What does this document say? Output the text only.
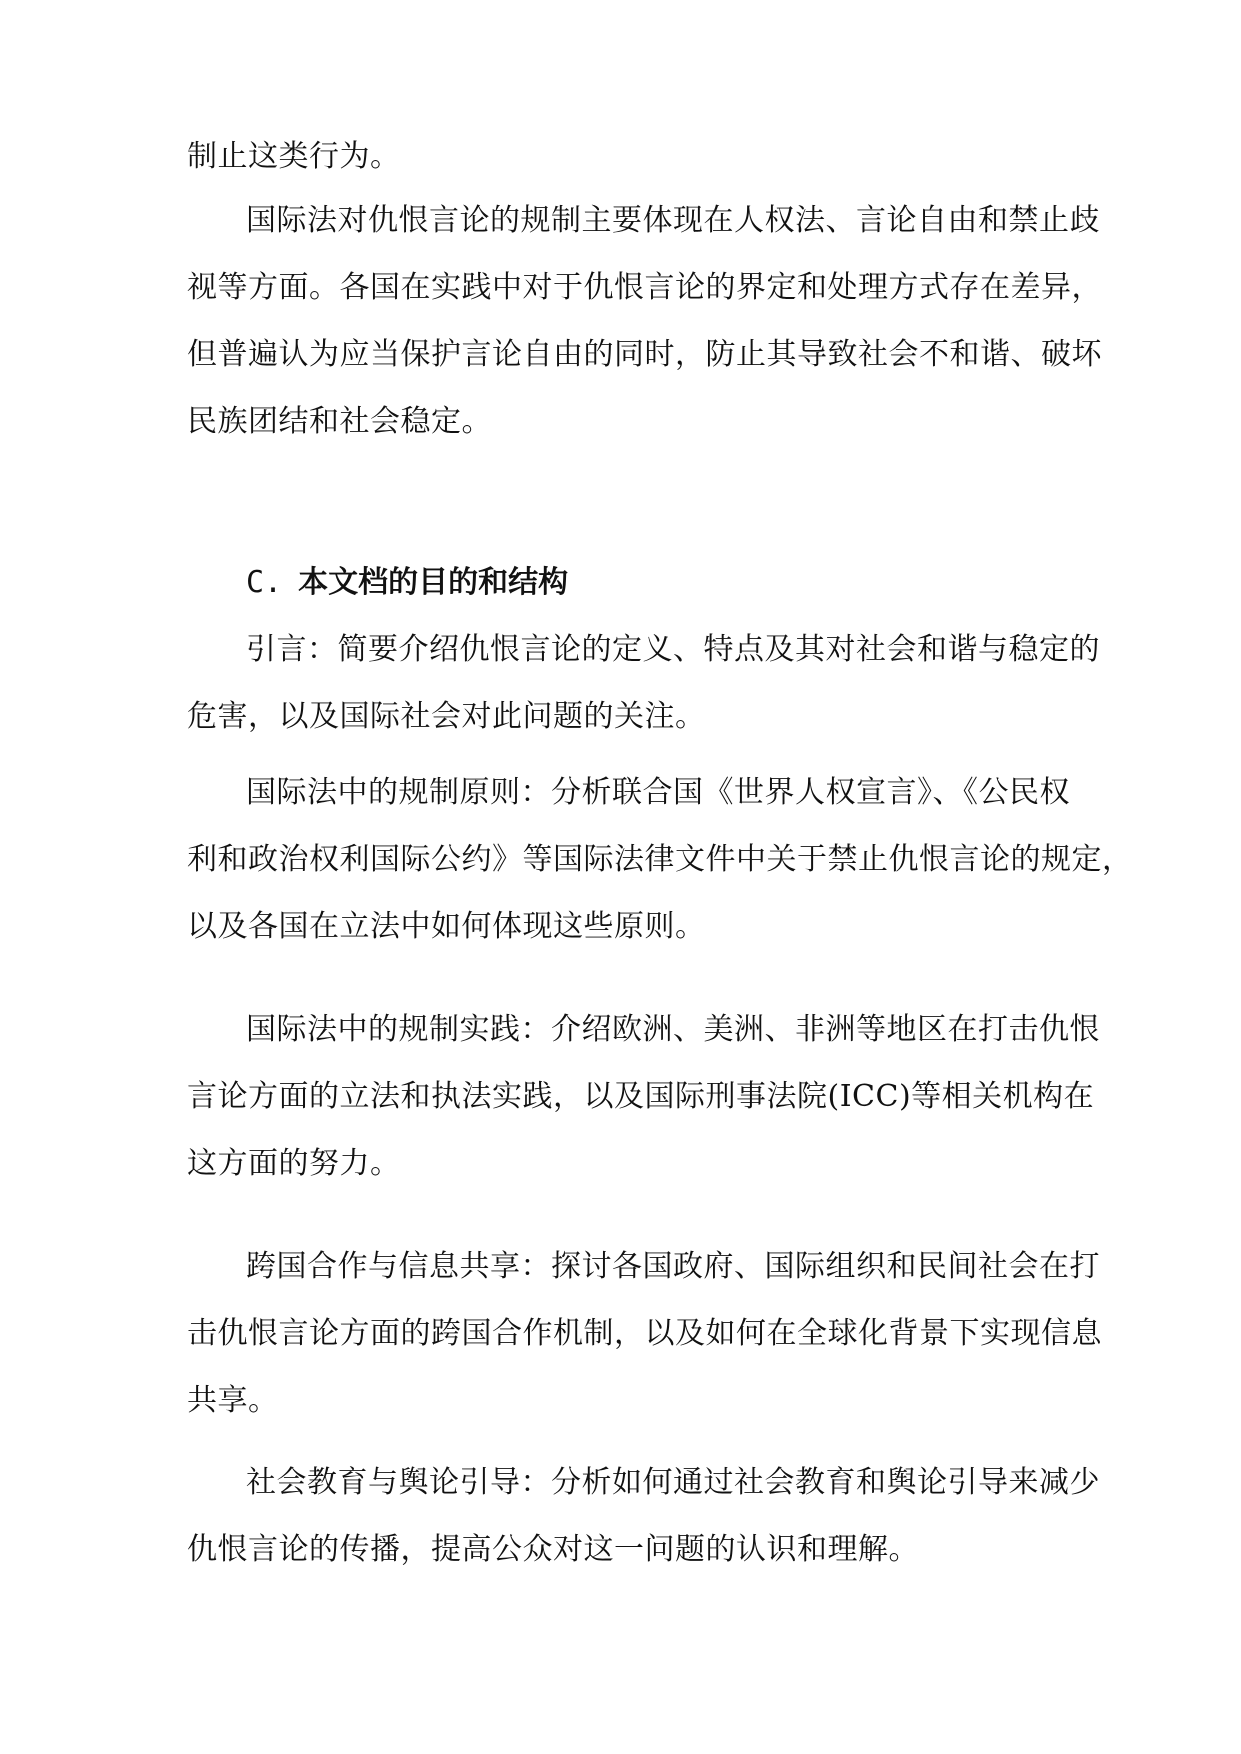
制止这类行为。
国际法对仇恨言论的规制主要体现在人权法、言论自由和禁止歧
视等方面。各国在实践中对于仇恨言论的界定和处理方式存在差异，
但普遍认为应当保护言论自由的同时，防止其导致社会不和谐、破坏
民族团结和社会稳定。
C. 本文档的目的和结构
引言：简要介绍仇恨言论的定义、特点及其对社会和谐与稳定的
危害，以及国际社会对此问题的关注。
国际法中的规制原则：分析联合国《世界人权宣言》、《公民权
利和政治权利国际公约》等国际法律文件中关于禁止仇恨言论的规定，
以及各国在立法中如何体现这些原则。
国际法中的规制实践：介绍欧洲、美洲、非洲等地区在打击仇恨
言论方面的立法和执法实践，以及国际刑事法院(ICC)等相关机构在
这方面的努力。
跨国合作与信息共享：探讨各国政府、国际组织和民间社会在打
击仇恨言论方面的跨国合作机制，以及如何在全球化背景下实现信息
共享。
社会教育与舆论引导：分析如何通过社会教育和舆论引导来减少
仇恨言论的传播，提高公众对这一问题的认识和理解。
